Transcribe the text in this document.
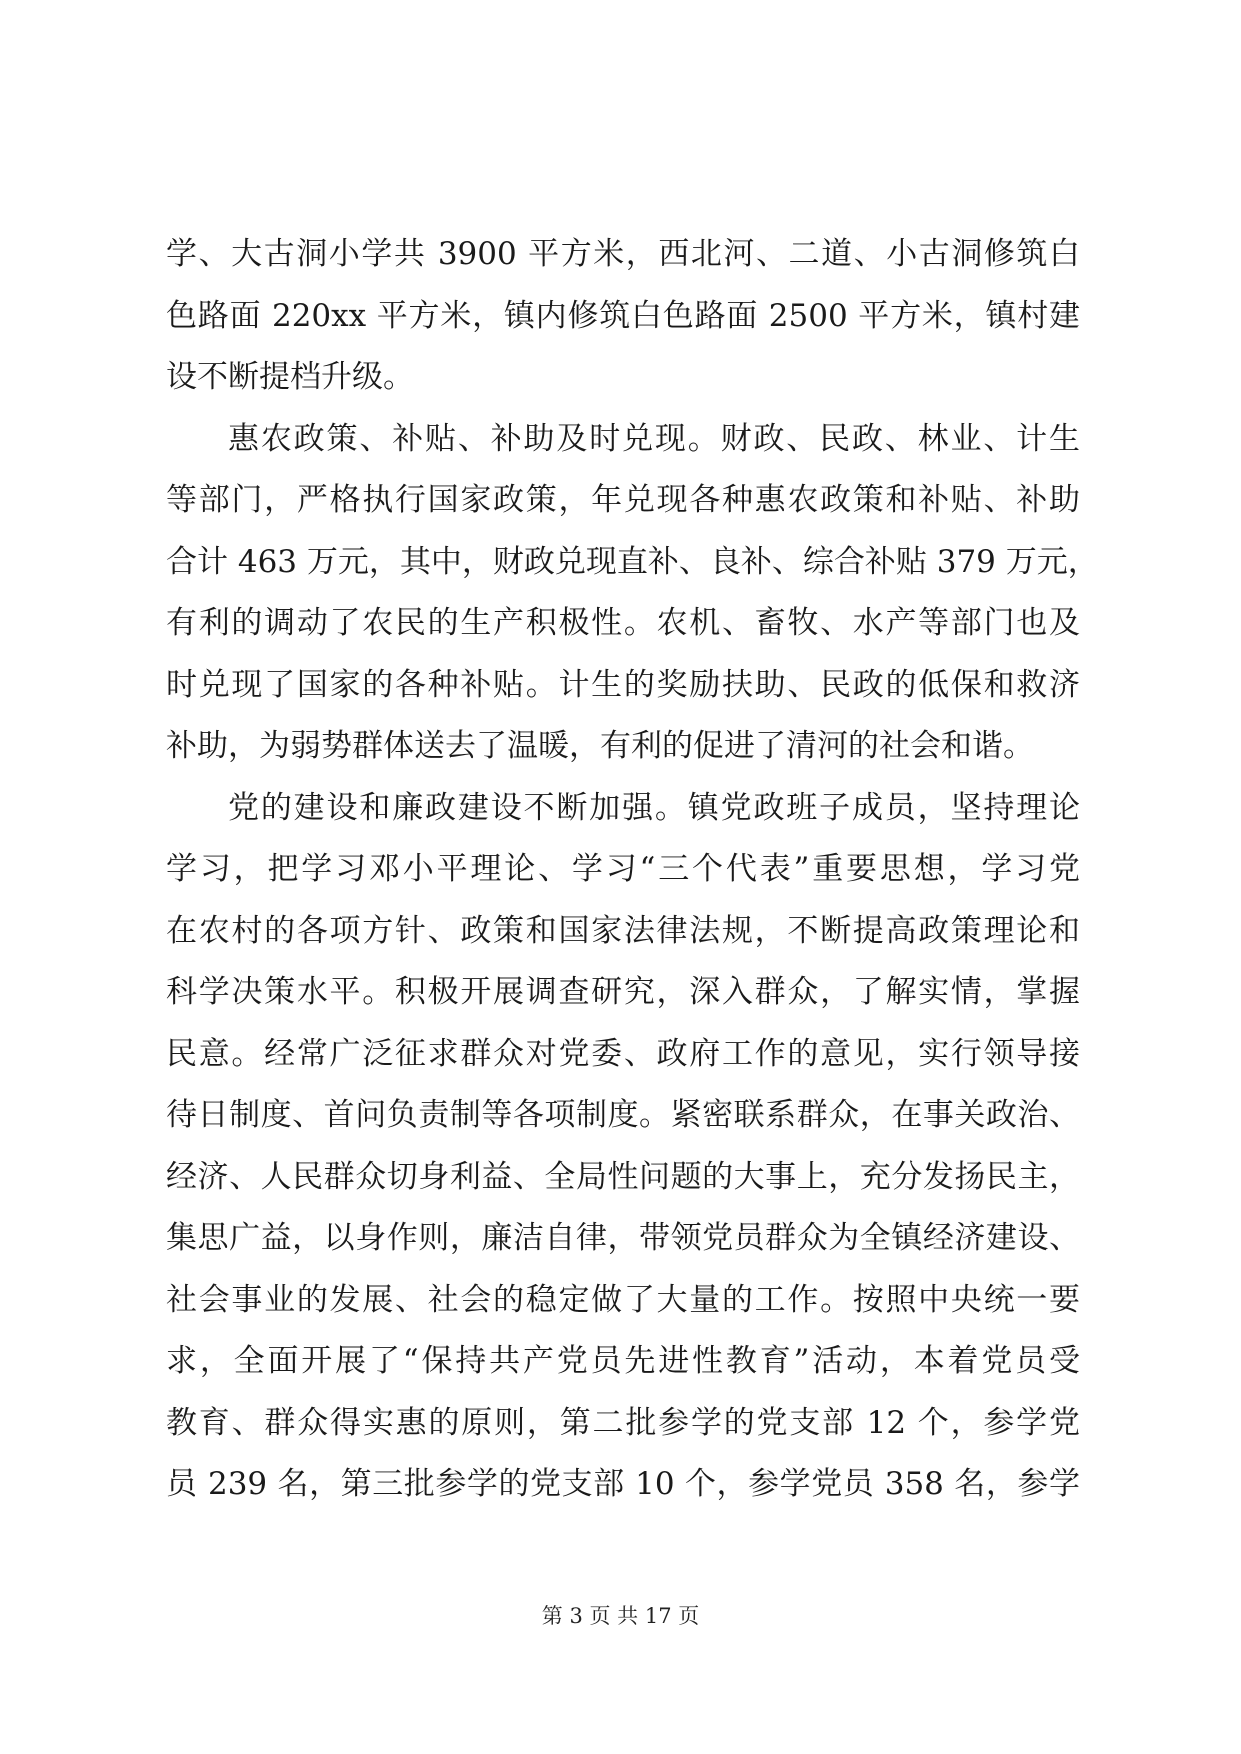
学、大古洞小学共 3900 平方米，西北河、二道、小古洞修筑白
色路面 220xx 平方米，镇内修筑白色路面 2500 平方米，镇村建
设不断提档升级。
惠农政策、补贴、补助及时兑现。财政、民政、林业、计生
等部门，严格执行国家政策，年兑现各种惠农政策和补贴、补助
合计 463 万元，其中，财政兑现直补、良补、综合补贴 379 万元，
有利的调动了农民的生产积极性。农机、畜牧、水产等部门也及
时兑现了国家的各种补贴。计生的奖励扶助、民政的低保和救济
补助，为弱势群体送去了温暖，有利的促进了清河的社会和谐。
党的建设和廉政建设不断加强。镇党政班子成员，坚持理论
学习，把学习邓小平理论、学习“三个代表”重要思想，学习党
在农村的各项方针、政策和国家法律法规，不断提高政策理论和
科学决策水平。积极开展调查研究，深入群众，了解实情，掌握
民意。经常广泛征求群众对党委、政府工作的意见，实行领导接
待日制度、首问负责制等各项制度。紧密联系群众，在事关政治、
经济、人民群众切身利益、全局性问题的大事上，充分发扬民主，
集思广益，以身作则，廉洁自律，带领党员群众为全镇经济建设、
社会事业的发展、社会的稳定做了大量的工作。按照中央统一要
求，全面开展了“保持共产党员先进性教育”活动，本着党员受
教育、群众得实惠的原则，第二批参学的党支部 12 个，参学党
员 239 名，第三批参学的党支部 10 个，参学党员 358 名，参学
第 3 页 共 17 页
